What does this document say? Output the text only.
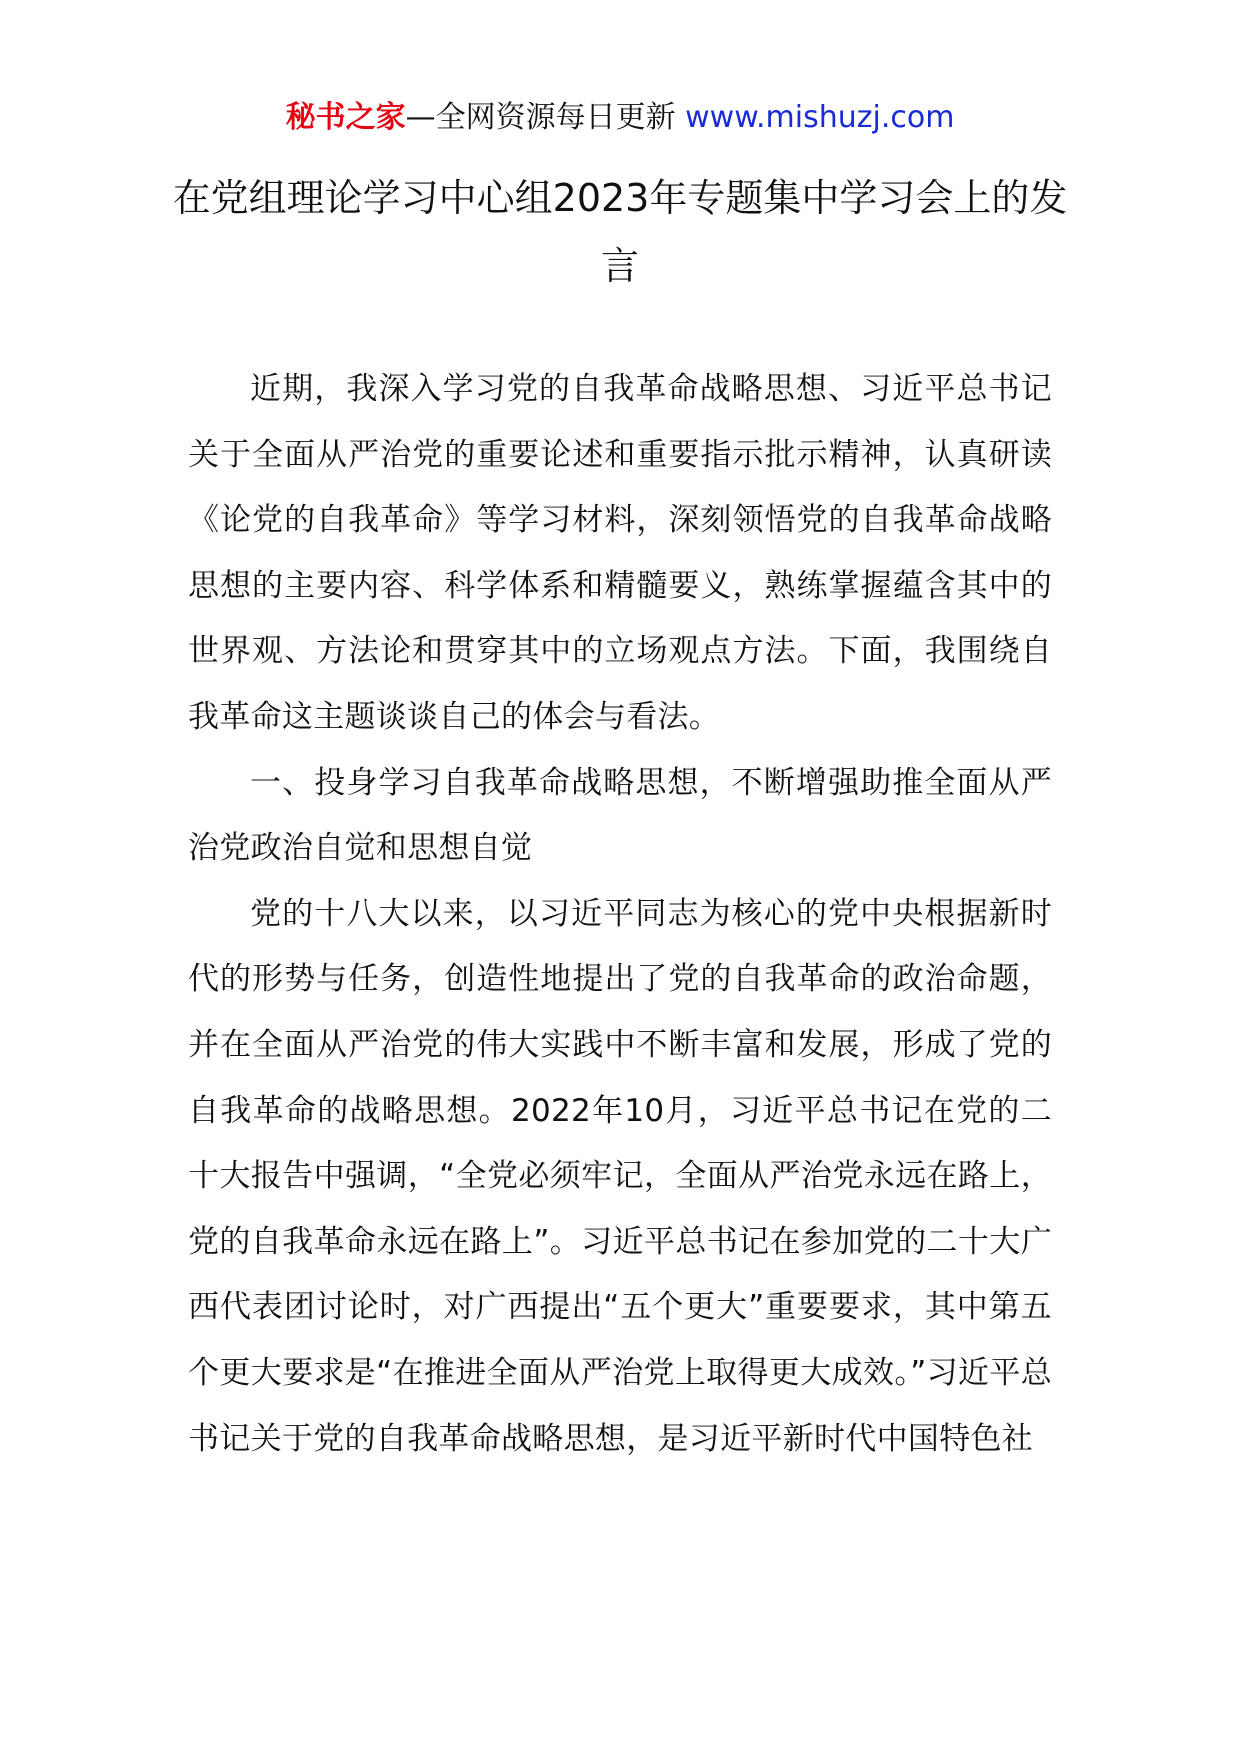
秘书之家—全网资源每日更新 www.mishuzj.com
在党组理论学习中心组2023年专题集中学习会上的发言

近期，我深入学习党的自我革命战略思想、习近平总书记关于全面从严治党的重要论述和重要指示批示精神，认真研读《论党的自我革命》等学习材料，深刻领悟党的自我革命战略思想的主要内容、科学体系和精髓要义，熟练掌握蕴含其中的世界观、方法论和贯穿其中的立场观点方法。下面，我围绕自我革命这主题谈谈自己的体会与看法。

一、投身学习自我革命战略思想，不断增强助推全面从严治党政治自觉和思想自觉

党的十八大以来，以习近平同志为核心的党中央根据新时代的形势与任务，创造性地提出了党的自我革命的政治命题，并在全面从严治党的伟大实践中不断丰富和发展，形成了党的自我革命的战略思想。2022年10月，习近平总书记在党的二十大报告中强调，“全党必须牢记，全面从严治党永远在路上，党的自我革命永远在路上”。习近平总书记在参加党的二十大广西代表团讨论时，对广西提出“五个更大”重要要求，其中第五个更大要求是“在推进全面从严治党上取得更大成效。”习近平总书记关于党的自我革命战略思想，是习近平新时代中国特色社
